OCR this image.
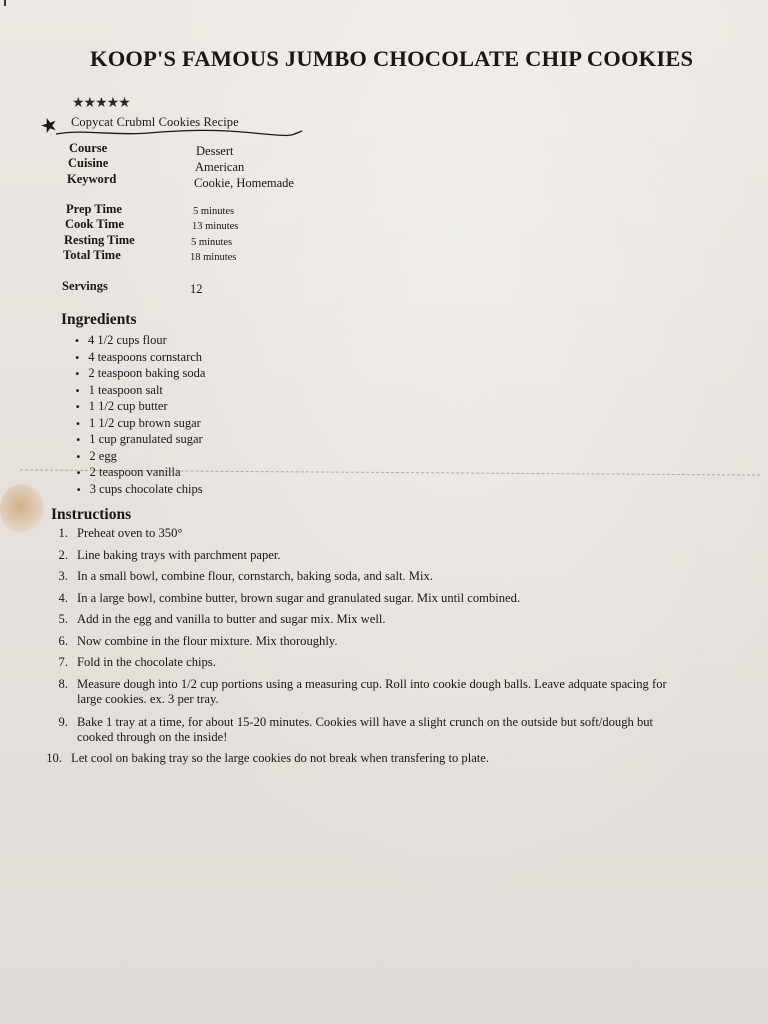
KOOP'S FAMOUS JUMBO CHOCOLATE CHIP COOKIES
★★★★★
★ Copycat Crubml Cookies Recipe
Course	Dessert
Cuisine	American
Keyword	Cookie, Homemade
Prep Time	5 minutes
Cook Time	13 minutes
Resting Time	5 minutes
Total Time	18 minutes
Servings	12
Ingredients
• 4 1/2 cups flour
• 4 teaspoons cornstarch
• 2 teaspoon baking soda
• 1 teaspoon salt
• 1 1/2 cup butter
• 1 1/2 cup brown sugar
• 1 cup granulated sugar
• 2 egg
• 2 teaspoon vanilla
• 3 cups chocolate chips
Instructions
1. Preheat oven to 350°
2. Line baking trays with parchment paper.
3. In a small bowl, combine flour, cornstarch, baking soda, and salt. Mix.
4. In a large bowl, combine butter, brown sugar and granulated sugar. Mix until combined.
5. Add in the egg and vanilla to butter and sugar mix. Mix well.
6. Now combine in the flour mixture. Mix thoroughly.
7. Fold in the chocolate chips.
8. Measure dough into 1/2 cup portions using a measuring cup. Roll into cookie dough balls. Leave adquate spacing for large cookies. ex. 3 per tray.
9. Bake 1 tray at a time, for about 15-20 minutes. Cookies will have a slight crunch on the outside but soft/dough but cooked through on the inside!
10. Let cool on baking tray so the large cookies do not break when transfering to plate.
